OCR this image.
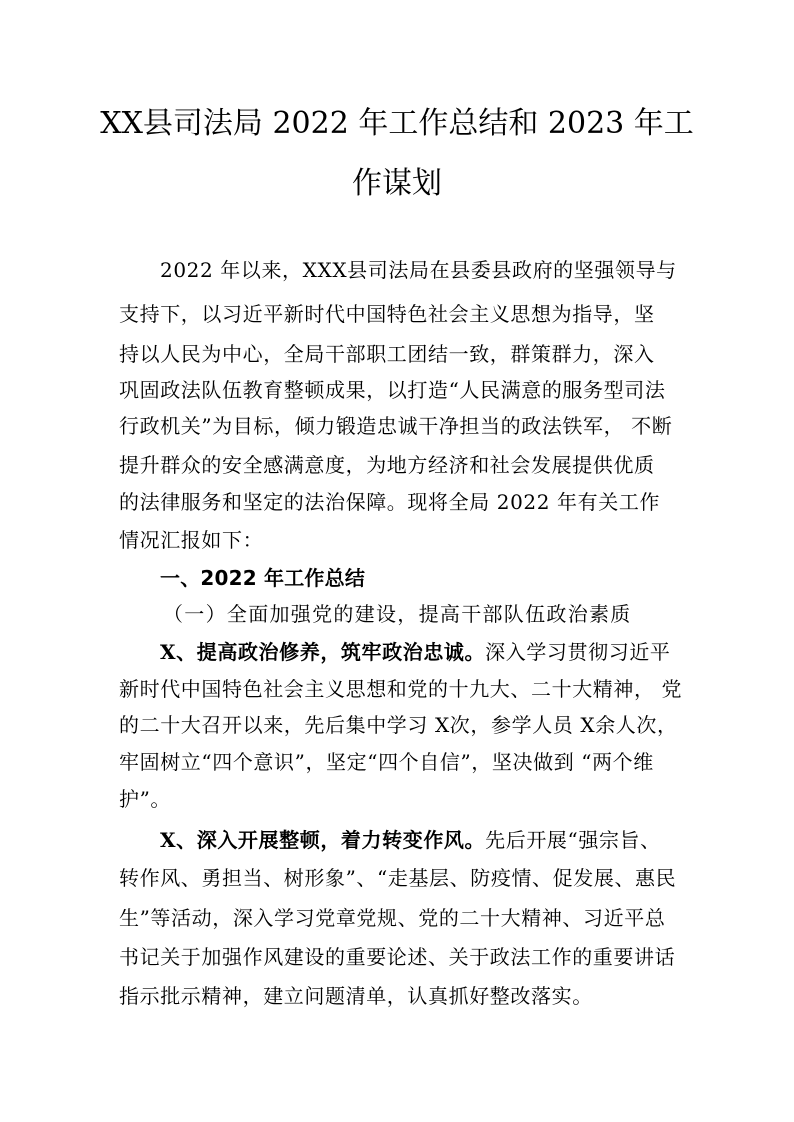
XX县司法局 2022 年工作总结和 2023 年工
作谋划
2022 年以来，XXX县司法局在县委县政府的坚强领导与
支持下，以习近平新时代中国特色社会主义思想为指导，坚
持以人民为中心，全局干部职工团结一致，群策群力，深入
巩固政法队伍教育整顿成果，以打造“人民满意的服务型司法
行政机关”为目标，倾力锻造忠诚干净担当的政法铁军， 不断
提升群众的安全感满意度，为地方经济和社会发展提供优质
的法律服务和坚定的法治保障。现将全局 2022 年有关工作
情况汇报如下：
一、2022 年工作总结
（一）全面加强党的建设，提高干部队伍政治素质
X、提高政治修养，筑牢政治忠诚。深入学习贯彻习近平
新时代中国特色社会主义思想和党的十九大、二十大精神， 党
的二十大召开以来，先后集中学习 X次，参学人员 X余人次，
牢固树立“四个意识”，坚定“四个自信”，坚决做到 “两个维
护”。
X、深入开展整顿，着力转变作风。先后开展“强宗旨、
转作风、勇担当、树形象”、“走基层、防疫情、促发展、惠民
生”等活动，深入学习党章党规、党的二十大精神、习近平总
书记关于加强作风建设的重要论述、关于政法工作的重要讲话
指示批示精神，建立问题清单，认真抓好整改落实。
